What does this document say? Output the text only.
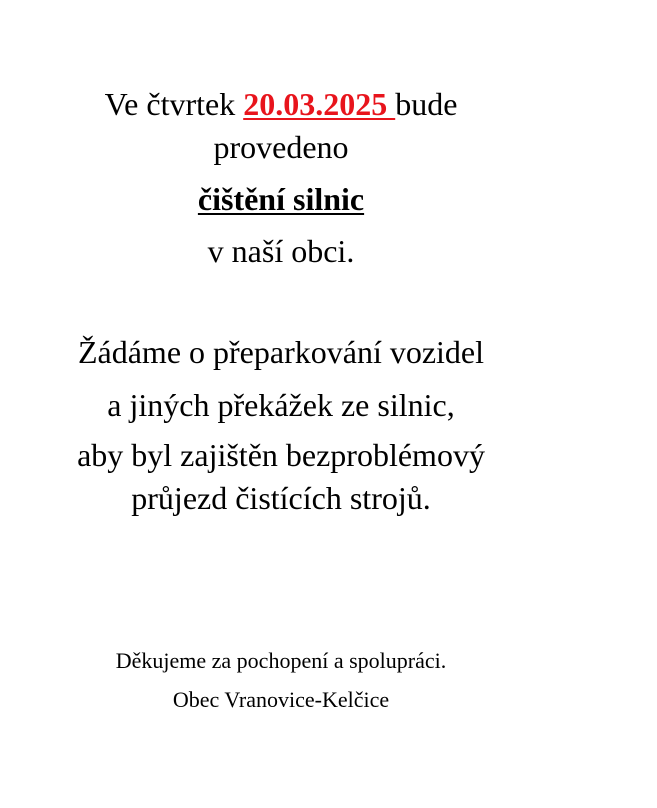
Ve čtvrtek 20.03.2025 bude
provedeno
čištění silnic
v naší obci.
Žádáme o přeparkování vozidel
a jiných překážek ze silnic,
aby byl zajištěn bezproblémový
průjezd čistících strojů.
Děkujeme za pochopení a spolupráci.
Obec Vranovice-Kelčice
